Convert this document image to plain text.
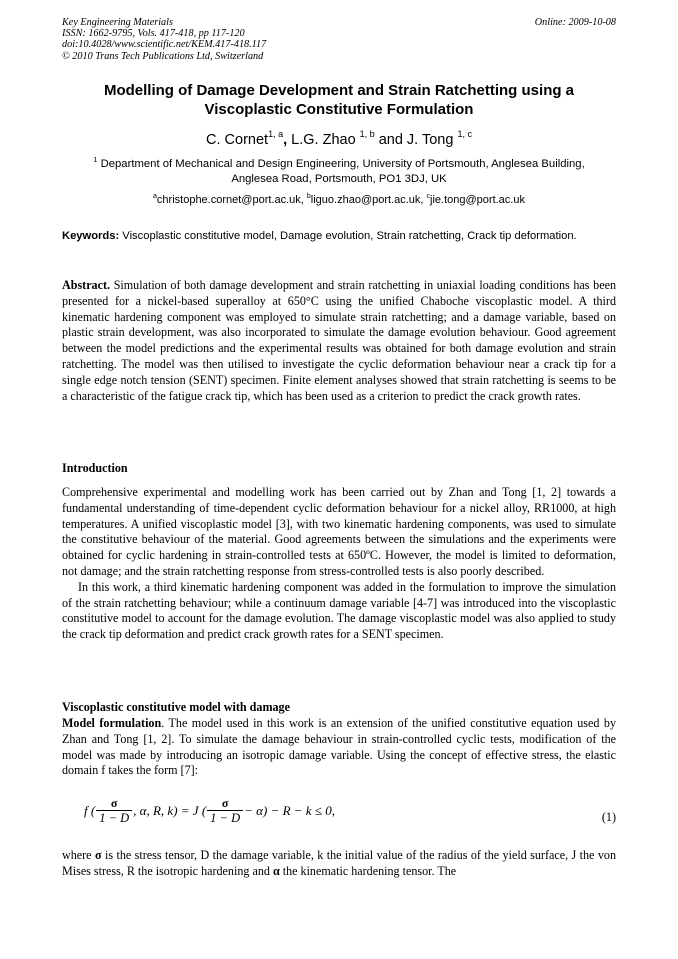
Key Engineering Materials
ISSN: 1662-9795, Vols. 417-418, pp 117-120
doi:10.4028/www.scientific.net/KEM.417-418.117
© 2010 Trans Tech Publications Ltd, Switzerland
Online: 2009-10-08
Modelling of Damage Development and Strain Ratchetting using a
Viscoplastic Constitutive Formulation
C. Cornet$^{1, a}$, L.G. Zhao $^{1, b}$ and J. Tong $^{1, c}$
$^1$ Department of Mechanical and Design Engineering, University of Portsmouth, Anglesea Building,
Anglesea Road, Portsmouth, PO1 3DJ, UK
$^a$christophe.cornet@port.ac.uk, $^b$liguo.zhao@port.ac.uk, $^c$jie.tong@port.ac.uk
Keywords: Viscoplastic constitutive model, Damage evolution, Strain ratchetting, Crack tip deformation.

Abstract. Simulation of both damage development and strain ratchetting in uniaxial loading conditions has been presented for a nickel-based superalloy at 650°C using the unified Chaboche viscoplastic model. A third kinematic hardening component was employed to simulate strain ratchetting; and a damage variable, based on plastic strain development, was also incorporated to simulate the damage evolution behaviour. Good agreement between the model predictions and the experimental results was obtained for both damage evolution and strain ratchetting. The model was then utilised to investigate the cyclic deformation behaviour near a crack tip for a single edge notch tension (SENT) specimen. Finite element analyses showed that strain ratchetting is seems to be a characteristic of the fatigue crack tip, which has been used as a criterion to predict the crack growth rates.

Introduction

Comprehensive experimental and modelling work has been carried out by Zhan and Tong [1, 2] towards a fundamental understanding of time-dependent cyclic deformation behaviour for a nickel alloy, RR1000, at high temperatures. A unified viscoplastic model [3], with two kinematic hardening components, was used to simulate the constitutive behaviour of the material. Good agreements between the simulations and the experiments were obtained for cyclic hardening in strain-controlled tests at 650ºC. However, the model is limited to deformation, not damage; and the strain ratchetting response from stress-controlled tests is also poorly described.

In this work, a third kinematic hardening component was added in the formulation to improve the simulation of the strain ratchetting behaviour; while a continuum damage variable [4-7] was introduced into the viscoplastic constitutive model to account for the damage evolution. The damage viscoplastic model was also applied to study the crack tip deformation and predict crack growth rates for a SENT specimen.

Viscoplastic constitutive model with damage

Model formulation. The model used in this work is an extension of the unified constitutive equation used by Zhan and Tong [1, 2]. To simulate the damage behaviour in strain-controlled cyclic tests, modification of the model was made by introducing an isotropic damage variable. Using the concept of effective stress, the elastic domain f takes the form [7]:

f ( $\frac{\sigma}{1 - D}$ , α, R, k) = J ( $\frac{\sigma}{1 - D} - \alpha) - R - k \le 0$ ,	(1)

where σ is the stress tensor, D the damage variable, k the initial value of the radius of the yield surface, J the von Mises stress, R the isotropic hardening and α the kinematic hardening tensor. The
